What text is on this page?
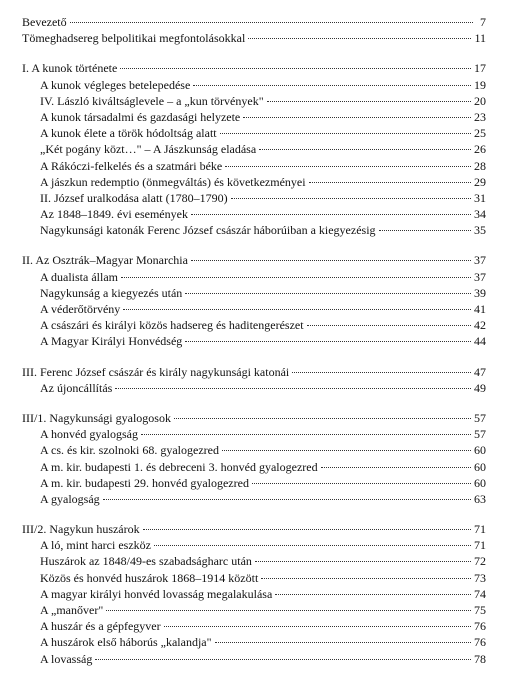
Bevezető	7
Tömeghadsereg belpolitikai megfontolásokkal	11
I. A kunok története	17
A kunok végleges betelepedése	19
IV. László kiváltságlevele – a „kun törvények"	20
A kunok társadalmi és gazdasági helyzete	23
A kunok élete a török hódoltság alatt	25
„Két pogány közt…" – A Jászkunság eladása	26
A Rákóczi-felkelés és a szatmári béke	28
A jászkun redemptio (önmegváltás) és következményei	29
II. József uralkodása alatt (1780–1790)	31
Az 1848–1849. évi események	34
Nagykunsági katonák Ferenc József császár háborúiban a kiegyezésig	35
II. Az Osztrák–Magyar Monarchia	37
A dualista állam	37
Nagykunság a kiegyezés után	39
A véderőtörvény	41
A császári és királyi közös hadsereg és haditengerészet	42
A Magyar Királyi Honvédség	44
III. Ferenc József császár és király nagykunsági katonái	47
Az újoncállítás	49
III/1. Nagykunsági gyalogosok	57
A honvéd gyalogság	57
A cs. és kir. szolnoki 68. gyalogezred	60
A m. kir. budapesti 1. és debreceni 3. honvéd gyalogezred	60
A m. kir. budapesti 29. honvéd gyalogezred	60
A gyalogság	63
III/2. Nagykun huszárok	71
A ló, mint harci eszköz	71
Huszárok az 1848/49-es szabadságharc után	72
Közös és honvéd huszárok 1868–1914 között	73
A magyar királyi honvéd lovasság megalakulása	74
A „manőver"	75
A huszár és a gépfegyver	76
A huszárok első háborús „kalandja"	76
A lovasság	78
